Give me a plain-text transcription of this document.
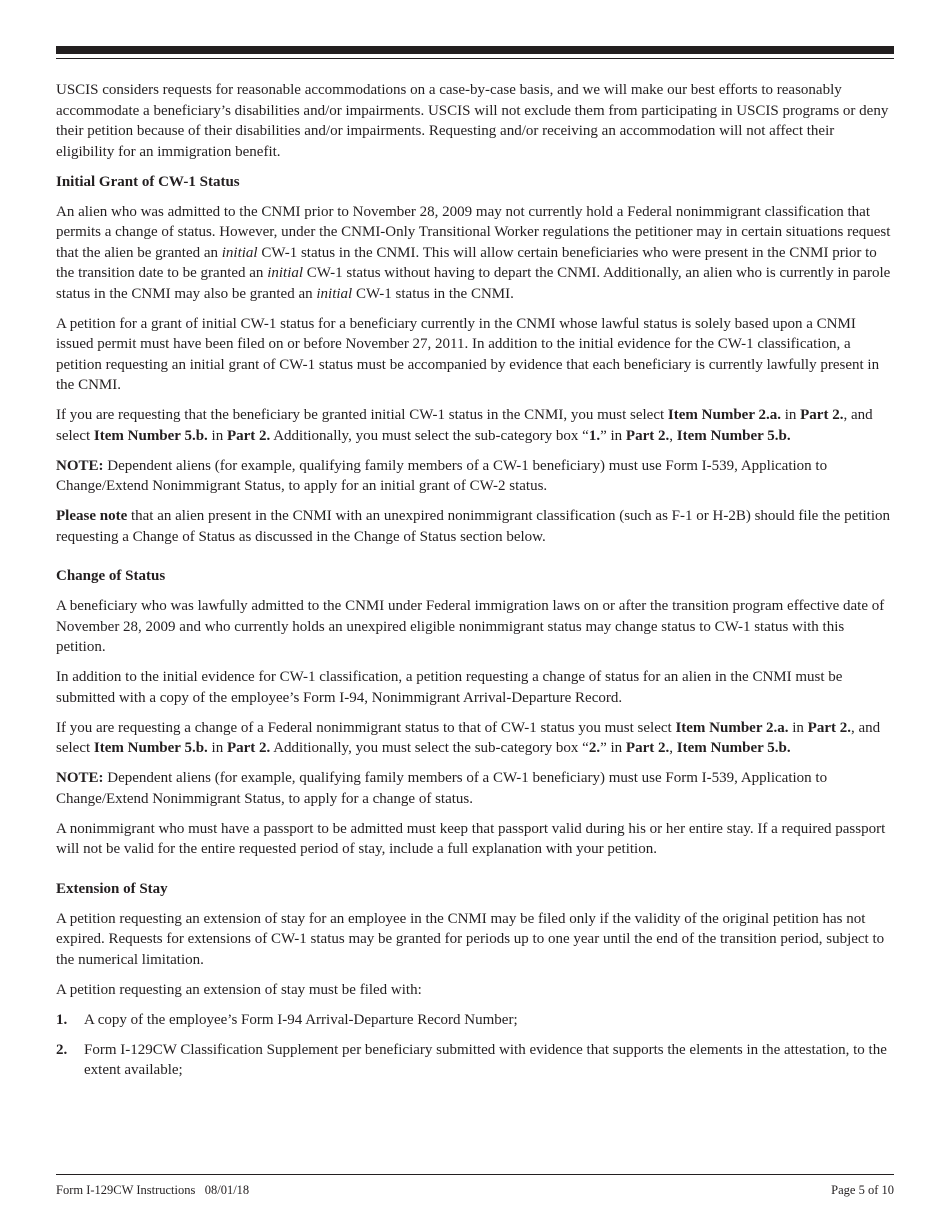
USCIS considers requests for reasonable accommodations on a case-by-case basis, and we will make our best efforts to reasonably accommodate a beneficiary’s disabilities and/or impairments. USCIS will not exclude them from participating in USCIS programs or deny their petition because of their disabilities and/or impairments. Requesting and/or receiving an accommodation will not affect their eligibility for an immigration benefit.

Initial Grant of CW-1 Status

An alien who was admitted to the CNMI prior to November 28, 2009 may not currently hold a Federal nonimmigrant classification that permits a change of status. However, under the CNMI-Only Transitional Worker regulations the petitioner may in certain situations request that the alien be granted an initial CW-1 status in the CNMI. This will allow certain beneficiaries who were present in the CNMI prior to the transition date to be granted an initial CW-1 status without having to depart the CNMI. Additionally, an alien who is currently in parole status in the CNMI may also be granted an initial CW-1 status in the CNMI.

A petition for a grant of initial CW-1 status for a beneficiary currently in the CNMI whose lawful status is solely based upon a CNMI issued permit must have been filed on or before November 27, 2011. In addition to the initial evidence for the CW-1 classification, a petition requesting an initial grant of CW-1 status must be accompanied by evidence that each beneficiary is currently lawfully present in the CNMI.

If you are requesting that the beneficiary be granted initial CW-1 status in the CNMI, you must select Item Number 2.a. in Part 2., and select Item Number 5.b. in Part 2. Additionally, you must select the sub-category box “1.” in Part 2., Item Number 5.b.

NOTE: Dependent aliens (for example, qualifying family members of a CW-1 beneficiary) must use Form I-539, Application to Change/Extend Nonimmigrant Status, to apply for an initial grant of CW-2 status.

Please note that an alien present in the CNMI with an unexpired nonimmigrant classification (such as F-1 or H-2B) should file the petition requesting a Change of Status as discussed in the Change of Status section below.

Change of Status

A beneficiary who was lawfully admitted to the CNMI under Federal immigration laws on or after the transition program effective date of November 28, 2009 and who currently holds an unexpired eligible nonimmigrant status may change status to CW-1 status with this petition.

In addition to the initial evidence for CW-1 classification, a petition requesting a change of status for an alien in the CNMI must be submitted with a copy of the employee’s Form I-94, Nonimmigrant Arrival-Departure Record.

If you are requesting a change of a Federal nonimmigrant status to that of CW-1 status you must select Item Number 2.a. in Part 2., and select Item Number 5.b. in Part 2. Additionally, you must select the sub-category box “2.” in Part 2., Item Number 5.b.

NOTE: Dependent aliens (for example, qualifying family members of a CW-1 beneficiary) must use Form I-539, Application to Change/Extend Nonimmigrant Status, to apply for a change of status.

A nonimmigrant who must have a passport to be admitted must keep that passport valid during his or her entire stay. If a required passport will not be valid for the entire requested period of stay, include a full explanation with your petition.

Extension of Stay

A petition requesting an extension of stay for an employee in the CNMI may be filed only if the validity of the original petition has not expired. Requests for extensions of CW-1 status may be granted for periods up to one year until the end of the transition period, subject to the numerical limitation.

A petition requesting an extension of stay must be filed with:

1.	A copy of the employee’s Form I-94 Arrival-Departure Record Number;
2.	Form I-129CW Classification Supplement per beneficiary submitted with evidence that supports the elements in the attestation, to the extent available;
Form I-129CW Instructions   08/01/18	Page 5 of 10
